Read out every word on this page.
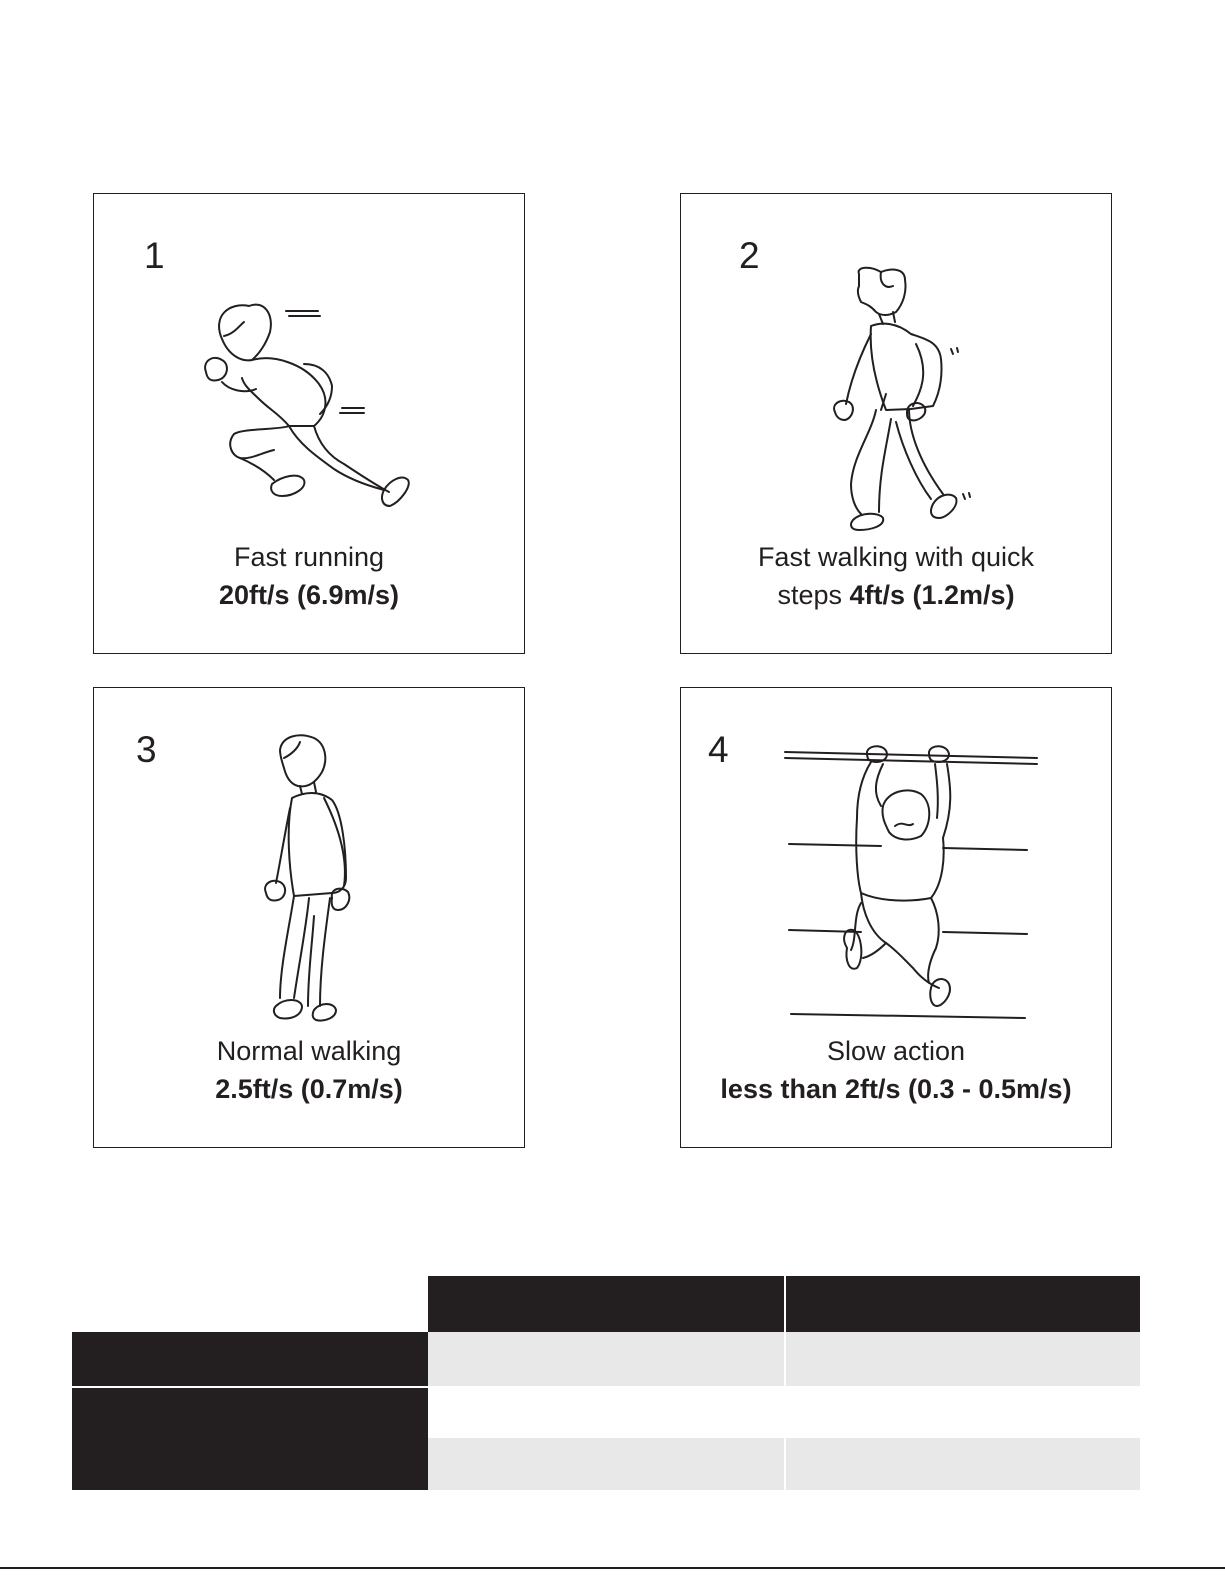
1
Fast running
20ft/s (6.9m/s)
2
Fast walking with quick
steps 4ft/s (1.2m/s)
3
Normal walking
2.5ft/s (0.7m/s)
4
Slow action
less than 2ft/s (0.3 - 0.5m/s)
